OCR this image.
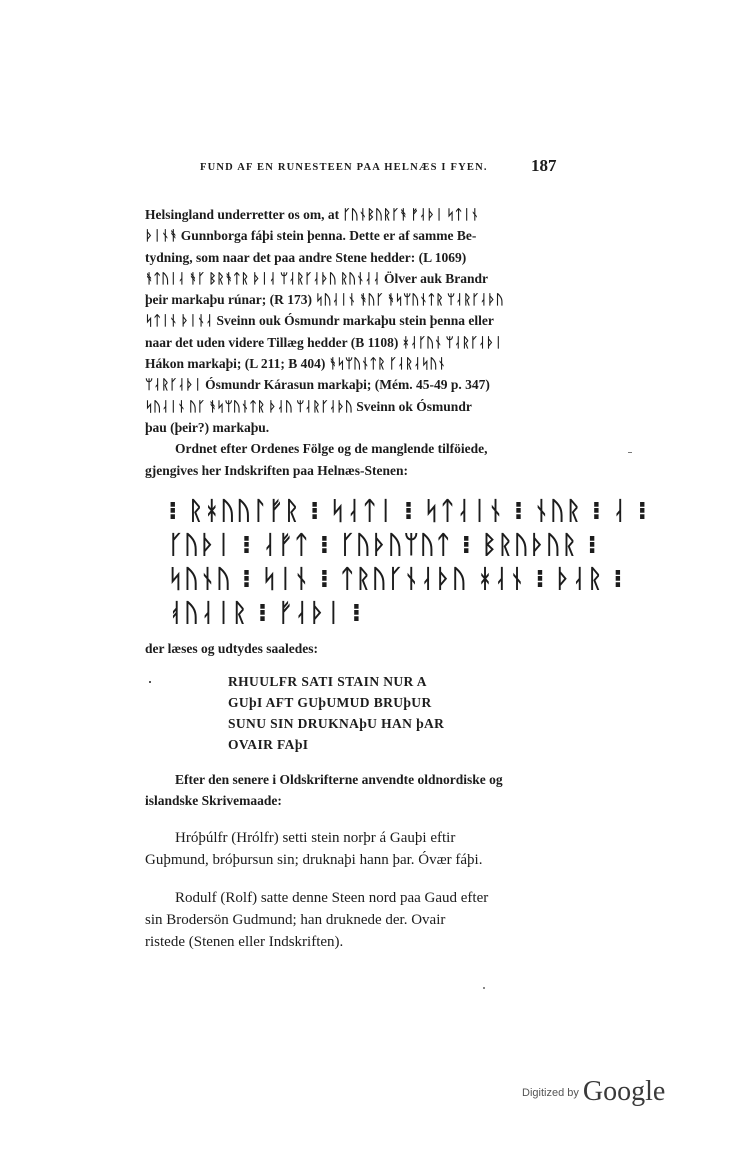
FUND AF EN RUNESTEEN PAA HELNÆS I FYEN.	187
Helsingland underretter os om, at ᚴᚢᚾᛒᚢᚱᚴᚬ ᚠᛆᚦᛁ ᛋᛏᛁᚾ
ᚦᛁᚾᚬ Gunnborga fáþi stein þenna. Dette er af samme Be-
tydning, som naar det paa andre Stene hedder: (L 1069)
ᚬᛏᚢᛁᛆ ᚬᚴ ᛒᚱᚬᛏᚱ ᚦᛁᛆ ᛘᛆᚱᚴᛆᚦᚢ ᚱᚢᚾᛆᛆ Ölver auk Brandr
þeir markaþu rúnar; (R 173) ᛋᚢᛆᛁᚾ ᚬᚢᚴ ᚬᛋᛘᚢᚾᛏᚱ ᛘᛆᚱᚴᛆᚦᚢ
ᛋᛏᛁᚾ ᚦᛁᚾᛆ Sveinn ouk Ósmundr markaþu stein þenna eller
naar det uden videre Tillæg hedder (B 1108) ᚼᛆᚴᚢᚾ ᛘᛆᚱᚴᛆᚦᛁ
Hákon markaþi; (L 211; B 404) ᚬᛋᛘᚢᚾᛏᚱ ᚴᛆᚱᛆᛋᚢᚾ
ᛘᛆᚱᚴᛆᚦᛁ Ósmundr Kárasun markaþi; (Mém. 45-49 p. 347)
ᛋᚢᛆᛁᚾ ᚢᚴ ᚬᛋᛘᚢᚾᛏᚱ ᚦᛆᚢ ᛘᛆᚱᚴᛆᚦᚢ Sveinn ok Ósmundr
þau (þeir?) markaþu.
Ordnet efter Ordenes Fölge og de manglende tilföiede,
gjengives her Indskriften paa Helnæs-Stenen:
⁝ ᚱᚼᚢᚢᛚᚠᚱ ⁝ ᛋᛆᛏᛁ ⁝ ᛋᛏᛆᛁᚾ ⁝ ᚾᚢᚱ ⁝ ᛆ ⁝
ᚴᚢᚦᛁ ⁝ ᛆᚠᛏ ⁝ ᚴᚢᚦᚢᛘᚢᛏ ⁝ ᛒᚱᚢᚦᚢᚱ ⁝
ᛋᚢᚾᚢ ⁝ ᛋᛁᚾ ⁝ ᛏᚱᚢᚴᚾᛆᚦᚢ ᚼᛆᚾ ⁝ ᚦᛆᚱ ⁝
ᚮᚢᛆᛁᚱ ⁝ ᚠᛆᚦᛁ ⁝
der læses og udtydes saaledes:
RHUULFR SATI STAIN NUR A
GUþI AFT GUþUMUD BRUþUR
SUNU SIN DRUKNAþU HAN þAR
OVAIR FAþI
Efter den senere i Oldskrifterne anvendte oldnordiske og
islandske Skrivemaade:
Hróþúlfr (Hrólfr) setti stein norþr á Gauþi eftir
Guþmund, bróþursun sin; druknaþi hann þar. Óvær fáþi.
Rodulf (Rolf) satte denne Steen nord paa Gaud efter
sin Brodersön Gudmund; han druknede der. Ovair
ristede (Stenen eller Indskriften).
$^{Digitized by}$ Google
